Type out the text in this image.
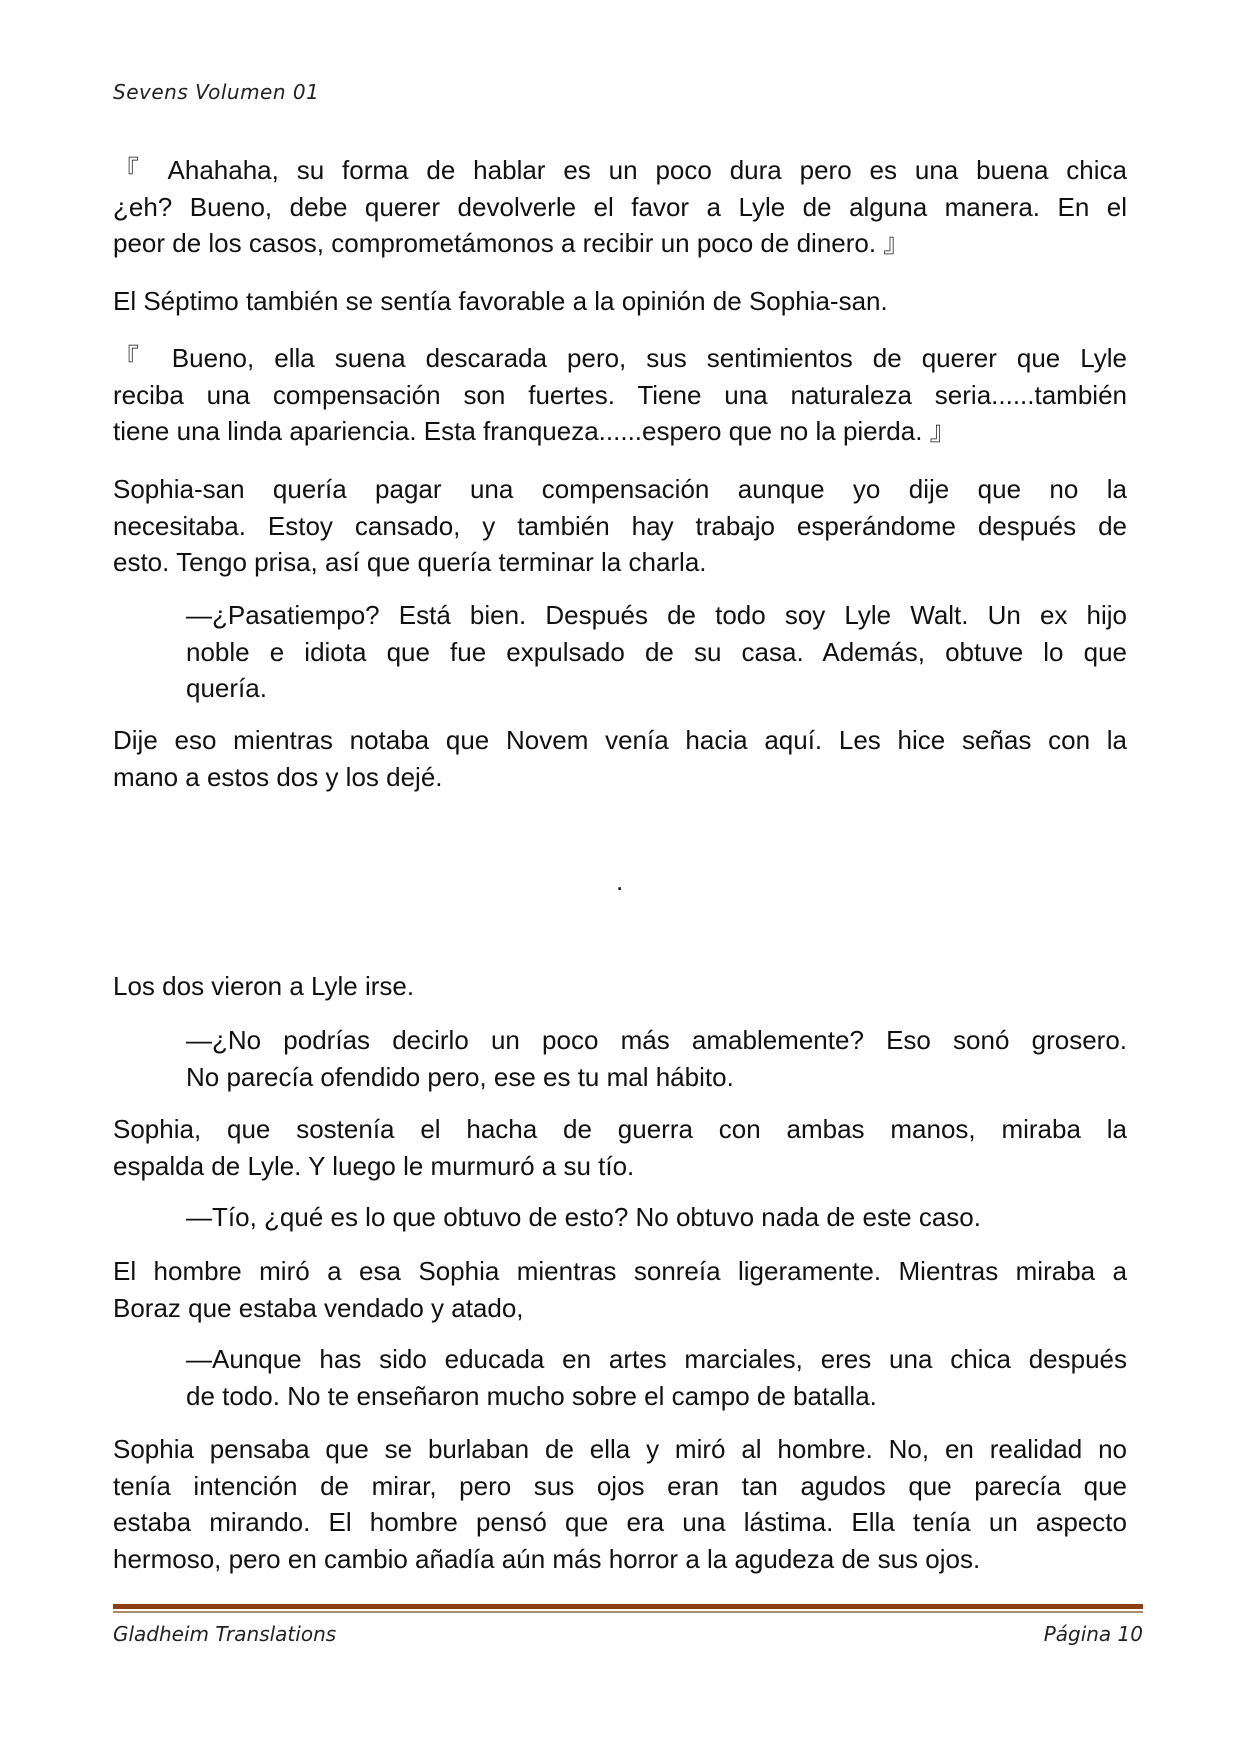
Sevens Volumen 01
『 Ahahaha, su forma de hablar es un poco dura pero es una buena chica
¿eh? Bueno, debe querer devolverle el favor a Lyle de alguna manera. En el
peor de los casos, comprometámonos a recibir un poco de dinero. 』
El Séptimo también se sentía favorable a la opinión de Sophia-san.
『 Bueno, ella suena descarada pero, sus sentimientos de querer que Lyle
reciba una compensación son fuertes. Tiene una naturaleza seria......también
tiene una linda apariencia. Esta franqueza......espero que no la pierda. 』
Sophia-san quería pagar una compensación aunque yo dije que no la
necesitaba. Estoy cansado, y también hay trabajo esperándome después de
esto. Tengo prisa, así que quería terminar la charla.
—¿Pasatiempo? Está bien. Después de todo soy Lyle Walt. Un ex hijo
noble e idiota que fue expulsado de su casa. Además, obtuve lo que
quería.
Dije eso mientras notaba que Novem venía hacia aquí. Les hice señas con la
mano a estos dos y los dejé.
Los dos vieron a Lyle irse.
—¿No podrías decirlo un poco más amablemente? Eso sonó grosero.
No parecía ofendido pero, ese es tu mal hábito.
Sophia, que sostenía el hacha de guerra con ambas manos, miraba la
espalda de Lyle. Y luego le murmuró a su tío.
—Tío, ¿qué es lo que obtuvo de esto? No obtuvo nada de este caso.
El hombre miró a esa Sophia mientras sonreía ligeramente. Mientras miraba a
Boraz que estaba vendado y atado,
—Aunque has sido educada en artes marciales, eres una chica después
de todo. No te enseñaron mucho sobre el campo de batalla.
Sophia pensaba que se burlaban de ella y miró al hombre. No, en realidad no
tenía intención de mirar, pero sus ojos eran tan agudos que parecía que
estaba mirando. El hombre pensó que era una lástima. Ella tenía un aspecto
hermoso, pero en cambio añadía aún más horror a la agudeza de sus ojos.
.
Gladheim Translations	Página 10
